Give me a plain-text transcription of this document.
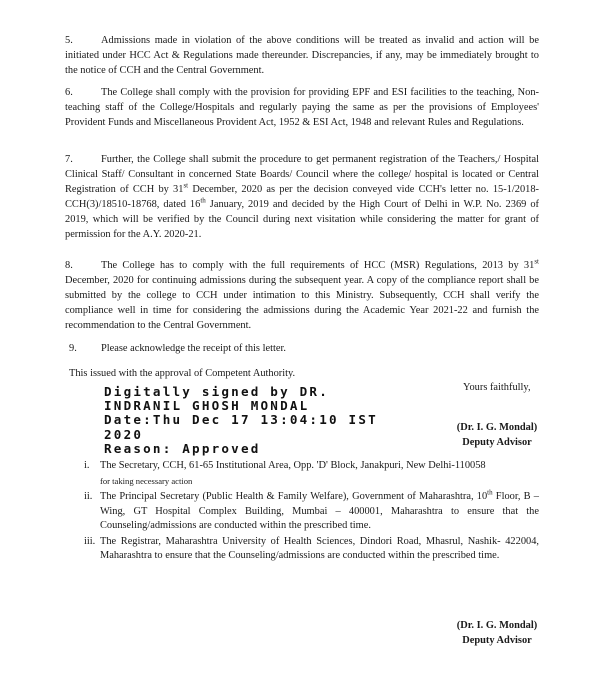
5.	Admissions made in violation of the above conditions will be treated as invalid and action will be initiated under HCC Act & Regulations made thereunder. Discrepancies, if any, may be immediately brought to the notice of CCH and the Central Government.

6.	The College shall comply with the provision for providing EPF and ESI facilities to the teaching, Non-teaching staff of the College/Hospitals and regularly paying the same as per the provisions of Employees' Provident Funds and Miscellaneous Provident Act, 1952 & ESI Act, 1948 and relevant Rules and Regulations.

7.	Further, the College shall submit the procedure to get permanent registration of the Teachers,/ Hospital Clinical Staff/ Consultant in concerned State Boards/ Council where the college/ hospital is located or Central Registration of CCH by 31st December, 2020 as per the decision conveyed vide CCH's letter no. 15-1/2018-CCH(3)/18510-18768, dated 16th January, 2019 and decided by the High Court of Delhi in W.P. No. 2369 of 2019, which will be verified by the Council during next visitation while considering the matter for grant of permission for the A.Y. 2020-21.

8.	The College has to comply with the full requirements of HCC (MSR) Regulations, 2013 by 31st December, 2020 for continuing admissions during the subsequent year. A copy of the compliance report shall be submitted by the college to CCH under intimation to this Ministry. Subsequently, CCH shall verify the compliance well in time for considering the admissions during the Academic Year 2021-22 and furnish the recommendation to the Central Government.

9. Please acknowledge the receipt of this letter.

This issued with the approval of Competent Authority.

Digitally signed by DR.
INDRANIL GHOSH MONDAL
Date:Thu Dec 17 13:04:10 IST
2020
Reason: Approved

Yours faithfully,

(Dr. I. G. Mondal)
Deputy Advisor
i. The Secretary, CCH, 61-65 Institutional Area, Opp. 'D' Block, Janakpuri, New Delhi-110058
for taking necessary action
ii. The Principal Secretary (Public Health & Family Welfare), Government of Maharashtra, 10th Floor, B – Wing, GT Hospital Complex Building, Mumbai – 400001, Maharashtra to ensure that the Counseling/admissions are conducted within the prescribed time.
iii. The Registrar, Maharashtra University of Health Sciences, Dindori Road, Mhasrul, Nashik- 422004, Maharashtra to ensure that the Counseling/admissions are conducted within the prescribed time.
(Dr. I. G. Mondal)
Deputy Advisor
